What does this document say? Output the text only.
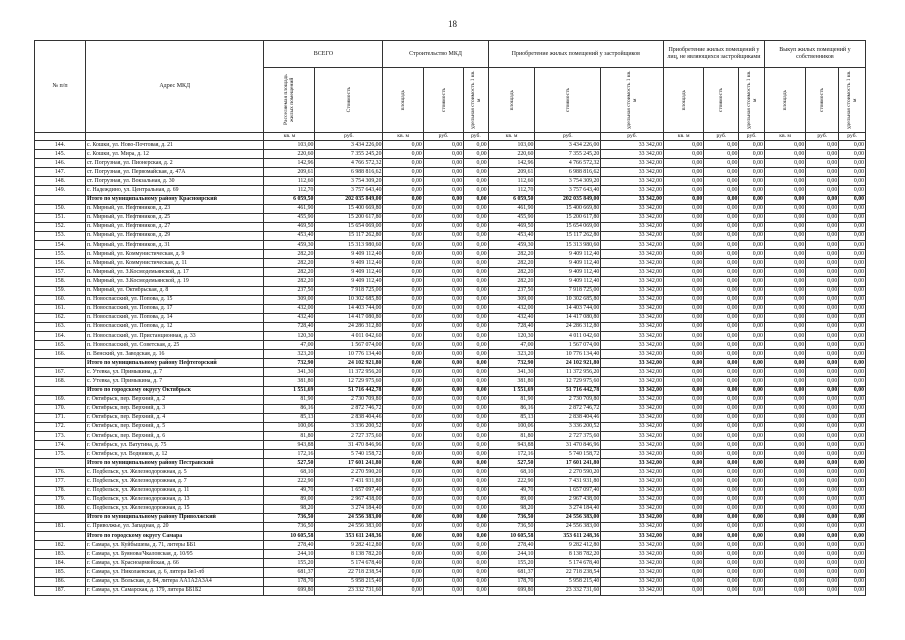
18
№ п/п	Адрес МКД	ВСЕГО		Строительство МКД			Приобретение жилых помещений у застройщиков			Приобретение жилых помещений у лиц, не являющихся застройщиками			Выкуп жилых помещений у собственников		

		Расселяемая площадь жилых помещений	Стоимость	площадь	стоимость	удельная стоимость 1 кв. м	площадь	стоимость	удельная стоимость 1 кв. м	площадь	стоимость	удельная стоимость 1 кв. м	площадь	стоимость	удельная стоимость 1 кв. м

		кв. м	руб.	кв. м	руб.	руб.	кв. м	руб.	руб.	кв. м	руб.	руб.	кв. м	руб.	руб.
144.	с. Кошки, ул. Ново-Почтовая, д. 21	103,00	3 434 226,00	0,00	0,00	0,00	103,00	3 434 226,00	33 342,00	0,00	0,00	0,00	0,00	0,00	0,00
145.	с. Кошки, ул. Мира, д. 12	220,60	7 355 245,20	0,00	0,00	0,00	220,60	7 355 245,20	33 342,00	0,00	0,00	0,00	0,00	0,00	0,00
146.	ст. Погрузная, ул. Пионерская, д. 2	142,96	4 766 572,32	0,00	0,00	0,00	142,96	4 766 572,32	33 342,00	0,00	0,00	0,00	0,00	0,00	0,00
147.	ст. Погрузная, ул. Первомайская, д. 47А	209,61	6 988 816,62	0,00	0,00	0,00	209,61	6 988 816,62	33 342,00	0,00	0,00	0,00	0,00	0,00	0,00
148.	ст. Погрузная, ул. Вокзальная, д. 30	112,60	3 754 309,20	0,00	0,00	0,00	112,60	3 754 309,20	33 342,00	0,00	0,00	0,00	0,00	0,00	0,00
149.	с. Надеждино, ул. Центральная, д. 69	112,70	3 757 643,40	0,00	0,00	0,00	112,70	3 757 643,40	33 342,00	0,00	0,00	0,00	0,00	0,00	0,00
	Итого по муниципальному району Красноярский	6 059,50	202 035 849,00	0,00	0,00	0,00	6 059,50	202 035 849,00	33 342,00	0,00	0,00	0,00	0,00	0,00	0,00
150.	п. Мирный, ул. Нефтяников, д. 23	461,90	15 400 669,80	0,00	0,00	0,00	461,90	15 400 669,80	33 342,00	0,00	0,00	0,00	0,00	0,00	0,00
151.	п. Мирный, ул. Нефтяников, д. 25	455,90	15 200 617,80	0,00	0,00	0,00	455,90	15 200 617,80	33 342,00	0,00	0,00	0,00	0,00	0,00	0,00
152.	п. Мирный, ул. Нефтяников, д. 27	469,50	15 654 069,00	0,00	0,00	0,00	469,50	15 654 069,00	33 342,00	0,00	0,00	0,00	0,00	0,00	0,00
153.	п. Мирный, ул. Нефтяников, д. 29	453,40	15 117 262,80	0,00	0,00	0,00	453,40	15 117 262,80	33 342,00	0,00	0,00	0,00	0,00	0,00	0,00
154.	п. Мирный, ул. Нефтяников, д. 31	459,30	15 313 980,60	0,00	0,00	0,00	459,30	15 313 980,60	33 342,00	0,00	0,00	0,00	0,00	0,00	0,00
155.	п. Мирный, ул. Коммунистическая, д. 9	282,20	9 409 112,40	0,00	0,00	0,00	282,20	9 409 112,40	33 342,00	0,00	0,00	0,00	0,00	0,00	0,00
156.	п. Мирный, ул. Коммунистическая, д. 11	282,20	9 409 112,40	0,00	0,00	0,00	282,20	9 409 112,40	33 342,00	0,00	0,00	0,00	0,00	0,00	0,00
157.	п. Мирный, ул. З.Космодемьянской, д. 17	282,20	9 409 112,40	0,00	0,00	0,00	282,20	9 409 112,40	33 342,00	0,00	0,00	0,00	0,00	0,00	0,00
158.	п. Мирный, ул. З.Космодемьянской, д. 19	282,20	9 409 112,40	0,00	0,00	0,00	282,20	9 409 112,40	33 342,00	0,00	0,00	0,00	0,00	0,00	0,00
159.	п. Мирный, ул. Октябрьская, д. 8	237,50	7 918 725,00	0,00	0,00	0,00	237,50	7 918 725,00	33 342,00	0,00	0,00	0,00	0,00	0,00	0,00
160.	п. Новоспасский, ул. Попова, д. 15	309,00	10 302 685,80	0,00	0,00	0,00	309,00	10 302 685,80	33 342,00	0,00	0,00	0,00	0,00	0,00	0,00
161.	п. Новоспасский, ул. Попова, д. 17	432,00	14 403 744,00	0,00	0,00	0,00	432,00	14 403 744,00	33 342,00	0,00	0,00	0,00	0,00	0,00	0,00
162.	п. Новоспасский, ул. Попова, д. 14	432,40	14 417 080,80	0,00	0,00	0,00	432,40	14 417 080,80	33 342,00	0,00	0,00	0,00	0,00	0,00	0,00
163.	п. Новоспасский, ул. Попова, д. 12	728,40	24 286 312,80	0,00	0,00	0,00	728,40	24 286 312,80	33 342,00	0,00	0,00	0,00	0,00	0,00	0,00
164.	п. Новоспасский, ул. Пристанционная, д. 33	120,30	4 011 042,60	0,00	0,00	0,00	120,30	4 011 042,60	33 342,00	0,00	0,00	0,00	0,00	0,00	0,00
165.	п. Новоспасский, ул. Советская, д. 25	47,00	1 567 074,00	0,00	0,00	0,00	47,00	1 567 074,00	33 342,00	0,00	0,00	0,00	0,00	0,00	0,00
166.	п. Венский, ул. Заводская, д. 16	323,20	10 776 134,40	0,00	0,00	0,00	323,20	10 776 134,40	33 342,00	0,00	0,00	0,00	0,00	0,00	0,00
	Итого по муниципальному району Нефтегорский	732,90	24 102 921,80	0,00	0,00	0,00	732,90	24 102 921,80	33 342,00	0,00	0,00	0,00	0,00	0,00	0,00
167.	с. Утевка, ул. Примыкина, д. 7	341,30	11 372 956,20	0,00	0,00	0,00	341,30	11 372 956,20	33 342,00	0,00	0,00	0,00	0,00	0,00	0,00
168.	с. Утевка, ул. Примыкина, д. 7	381,80	12 729 975,60	0,00	0,00	0,00	381,80	12 729 975,60	33 342,00	0,00	0,00	0,00	0,00	0,00	0,00
	Итого по городскому округу Октябрьск	1 551,69	51 716 442,78	0,00	0,00	0,00	1 551,69	51 716 442,78	33 342,00	0,00	0,00	0,00	0,00	0,00	0,00
169.	г. Октябрьск, пер. Верхний, д. 2	81,90	2 730 709,80	0,00	0,00	0,00	81,90	2 730 709,80	33 342,00	0,00	0,00	0,00	0,00	0,00	0,00
170.	г. Октябрьск, пер. Верхний, д. 3	86,16	2 872 746,72	0,00	0,00	0,00	86,16	2 872 746,72	33 342,00	0,00	0,00	0,00	0,00	0,00	0,00
171.	г. Октябрьск, пер. Верхний, д. 4	85,13	2 838 404,46	0,00	0,00	0,00	85,13	2 838 404,46	33 342,00	0,00	0,00	0,00	0,00	0,00	0,00
172.	г. Октябрьск, пер. Верхний, д. 5	100,06	3 336 200,52	0,00	0,00	0,00	100,06	3 336 200,52	33 342,00	0,00	0,00	0,00	0,00	0,00	0,00
173.	г. Октябрьск, пер. Верхний, д. 6	81,80	2 727 375,60	0,00	0,00	0,00	81,80	2 727 375,60	33 342,00	0,00	0,00	0,00	0,00	0,00	0,00
174.	г. Октябрьск, ул. Ватутина, д. 75	943,88	31 470 846,96	0,00	0,00	0,00	943,88	31 470 846,96	33 342,00	0,00	0,00	0,00	0,00	0,00	0,00
175.	г. Октябрьск, ул. Водников, д. 12	172,16	5 740 158,72	0,00	0,00	0,00	172,16	5 740 158,72	33 342,00	0,00	0,00	0,00	0,00	0,00	0,00
	Итого по муниципальному району Пестравский	527,50	17 601 241,80	0,00	0,00	0,00	527,50	17 601 241,80	33 342,00	0,00	0,00	0,00	0,00	0,00	0,00
176.	с. Подбельск, ул. Железнодорожная, д. 5	68,10	2 270 590,20	0,00	0,00	0,00	68,10	2 270 590,20	33 342,00	0,00	0,00	0,00	0,00	0,00	0,00
177.	с. Подбельск, ул. Железнодорожная, д. 7	222,90	7 431 931,80	0,00	0,00	0,00	222,90	7 431 931,80	33 342,00	0,00	0,00	0,00	0,00	0,00	0,00
178.	с. Подбельск, ул. Железнодорожная, д. 11	49,70	1 657 097,40	0,00	0,00	0,00	49,70	1 657 097,40	33 342,00	0,00	0,00	0,00	0,00	0,00	0,00
179.	с. Подбельск, ул. Железнодорожная, д. 13	89,00	2 967 438,00	0,00	0,00	0,00	89,00	2 967 438,00	33 342,00	0,00	0,00	0,00	0,00	0,00	0,00
180.	с. Подбельск, ул. Железнодорожная, д. 15	98,20	3 274 184,40	0,00	0,00	0,00	98,20	3 274 184,40	33 342,00	0,00	0,00	0,00	0,00	0,00	0,00
	Итого по муниципальному району Приволжский	736,50	24 556 383,00	0,00	0,00	0,00	736,50	24 556 383,00	33 342,00	0,00	0,00	0,00	0,00	0,00	0,00
181.	с. Приволжье, ул. Западная, д. 20	736,50	24 556 383,00	0,00	0,00	0,00	736,50	24 556 383,00	33 342,00	0,00	0,00	0,00	0,00	0,00	0,00
	Итого по городскому округу Самара	10 605,58	353 611 248,36	0,00	0,00	0,00	10 605,58	353 611 248,36	33 342,00	0,00	0,00	0,00	0,00	0,00	0,00
182.	г. Самара, ул. Куйбышева, д. 71, литеры ББ1	278,40	9 282 412,80	0,00	0,00	0,00	278,40	9 282 412,80	33 342,00	0,00	0,00	0,00	0,00	0,00	0,00
183.	г. Самара, ул. Буянова/Чкаловская, д. 10/95	244,10	8 138 782,20	0,00	0,00	0,00	244,10	8 138 782,20	33 342,00	0,00	0,00	0,00	0,00	0,00	0,00
184.	г. Самара, ул. Красноармейская, д. 66	155,20	5 174 678,40	0,00	0,00	0,00	155,20	5 174 678,40	33 342,00	0,00	0,00	0,00	0,00	0,00	0,00
185.	г. Самара, ул. Николаевская, д. 6, литера Бв1-лб	681,37	22 718 238,54	0,00	0,00	0,00	681,37	22 718 238,54	33 342,00	0,00	0,00	0,00	0,00	0,00	0,00
186.	г. Самара, ул. Вольская, д. 84, литера АА1А2А3А4	178,70	5 958 215,40	0,00	0,00	0,00	178,70	5 958 215,40	33 342,00	0,00	0,00	0,00	0,00	0,00	0,00
187.	г. Самара, ул. Самарская, д. 179, литера ББ1Б2	699,80	23 332 731,60	0,00	0,00	0,00	699,80	23 332 731,60	33 342,00	0,00	0,00	0,00	0,00	0,00	0,00
